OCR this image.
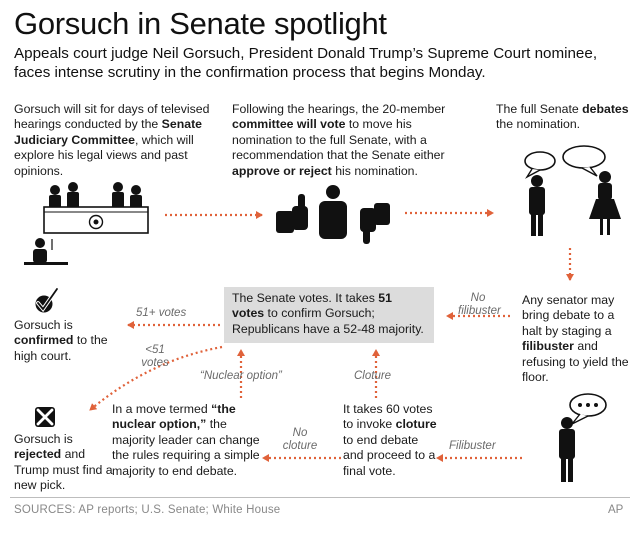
Gorsuch in Senate spotlight
Appeals court judge Neil Gorsuch, President Donald Trump’s Supreme Court nominee, faces intense scrutiny in the confirmation process that begins Monday.
Gorsuch will sit for days of televised hearings conducted by the Senate Judiciary Committee, which will explore his legal views and past opinions.
Following the hearings, the 20-member committee will vote to move his nomination to the full Senate, with a recommendation that the Senate either approve or reject his nomination.
The full Senate debates the nomination.
Any senator may bring debate to a halt by staging a filibuster and refusing to yield the floor.
The Senate votes. It takes 51 votes to confirm Gorsuch; Republicans have a 52-48 majority.
Gorsuch is confirmed to the high court.
Gorsuch is rejected and Trump must find a new pick.
In a move termed “the nuclear option,” the majority leader can change the rules requiring a simple majority to end debate.
It takes 60 votes to invoke cloture to end debate and proceed to a final vote.
51+ votes
<51 votes
No filibuster
Filibuster
Cloture
No cloture
“Nuclear option”
SOURCES: AP reports; U.S. Senate; White House	AP
